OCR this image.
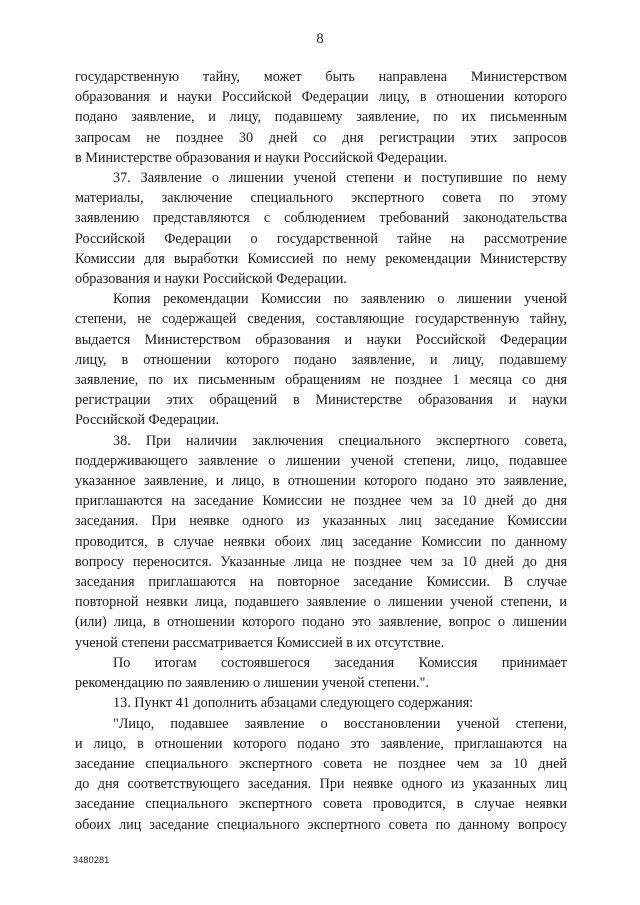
8
государственную тайну, может быть направлена Министерством
образования и науки Российской Федерации лицу, в отношении которого
подано заявление, и лицу, подавшему заявление, по их письменным
запросам не позднее 30 дней со дня регистрации этих запросов
в Министерстве образования и науки Российской Федерации.
37. Заявление о лишении ученой степени и поступившие по нему
материалы, заключение специального экспертного совета по этому
заявлению представляются с соблюдением требований законодательства
Российской Федерации о государственной тайне на рассмотрение
Комиссии для выработки Комиссией по нему рекомендации Министерству
образования и науки Российской Федерации.
Копия рекомендации Комиссии по заявлению о лишении ученой
степени, не содержащей сведения, составляющие государственную тайну,
выдается Министерством образования и науки Российской Федерации
лицу, в отношении которого подано заявление, и лицу, подавшему
заявление, по их письменным обращениям не позднее 1 месяца со дня
регистрации этих обращений в Министерстве образования и науки
Российской Федерации.
38. При наличии заключения специального экспертного совета,
поддерживающего заявление о лишении ученой степени, лицо, подавшее
указанное заявление, и лицо, в отношении которого подано это заявление,
приглашаются на заседание Комиссии не позднее чем за 10 дней до дня
заседания. При неявке одного из указанных лиц заседание Комиссии
проводится, в случае неявки обоих лиц заседание Комиссии по данному
вопросу переносится. Указанные лица не позднее чем за 10 дней до дня
заседания приглашаются на повторное заседание Комиссии. В случае
повторной неявки лица, подавшего заявление о лишении ученой степени, и
(или) лица, в отношении которого подано это заявление, вопрос о лишении
ученой степени рассматривается Комиссией в их отсутствие.
По итогам состоявшегося заседания Комиссия принимает
рекомендацию по заявлению о лишении ученой степени.".
13. Пункт 41 дополнить абзацами следующего содержания:
"Лицо, подавшее заявление о восстановлении ученой степени,
и лицо, в отношении которого подано это заявление, приглашаются на
заседание специального экспертного совета не позднее чем за 10 дней
до дня соответствующего заседания. При неявке одного из указанных лиц
заседание специального экспертного совета проводится, в случае неявки
обоих лиц заседание специального экспертного совета по данному вопросу
3480281
